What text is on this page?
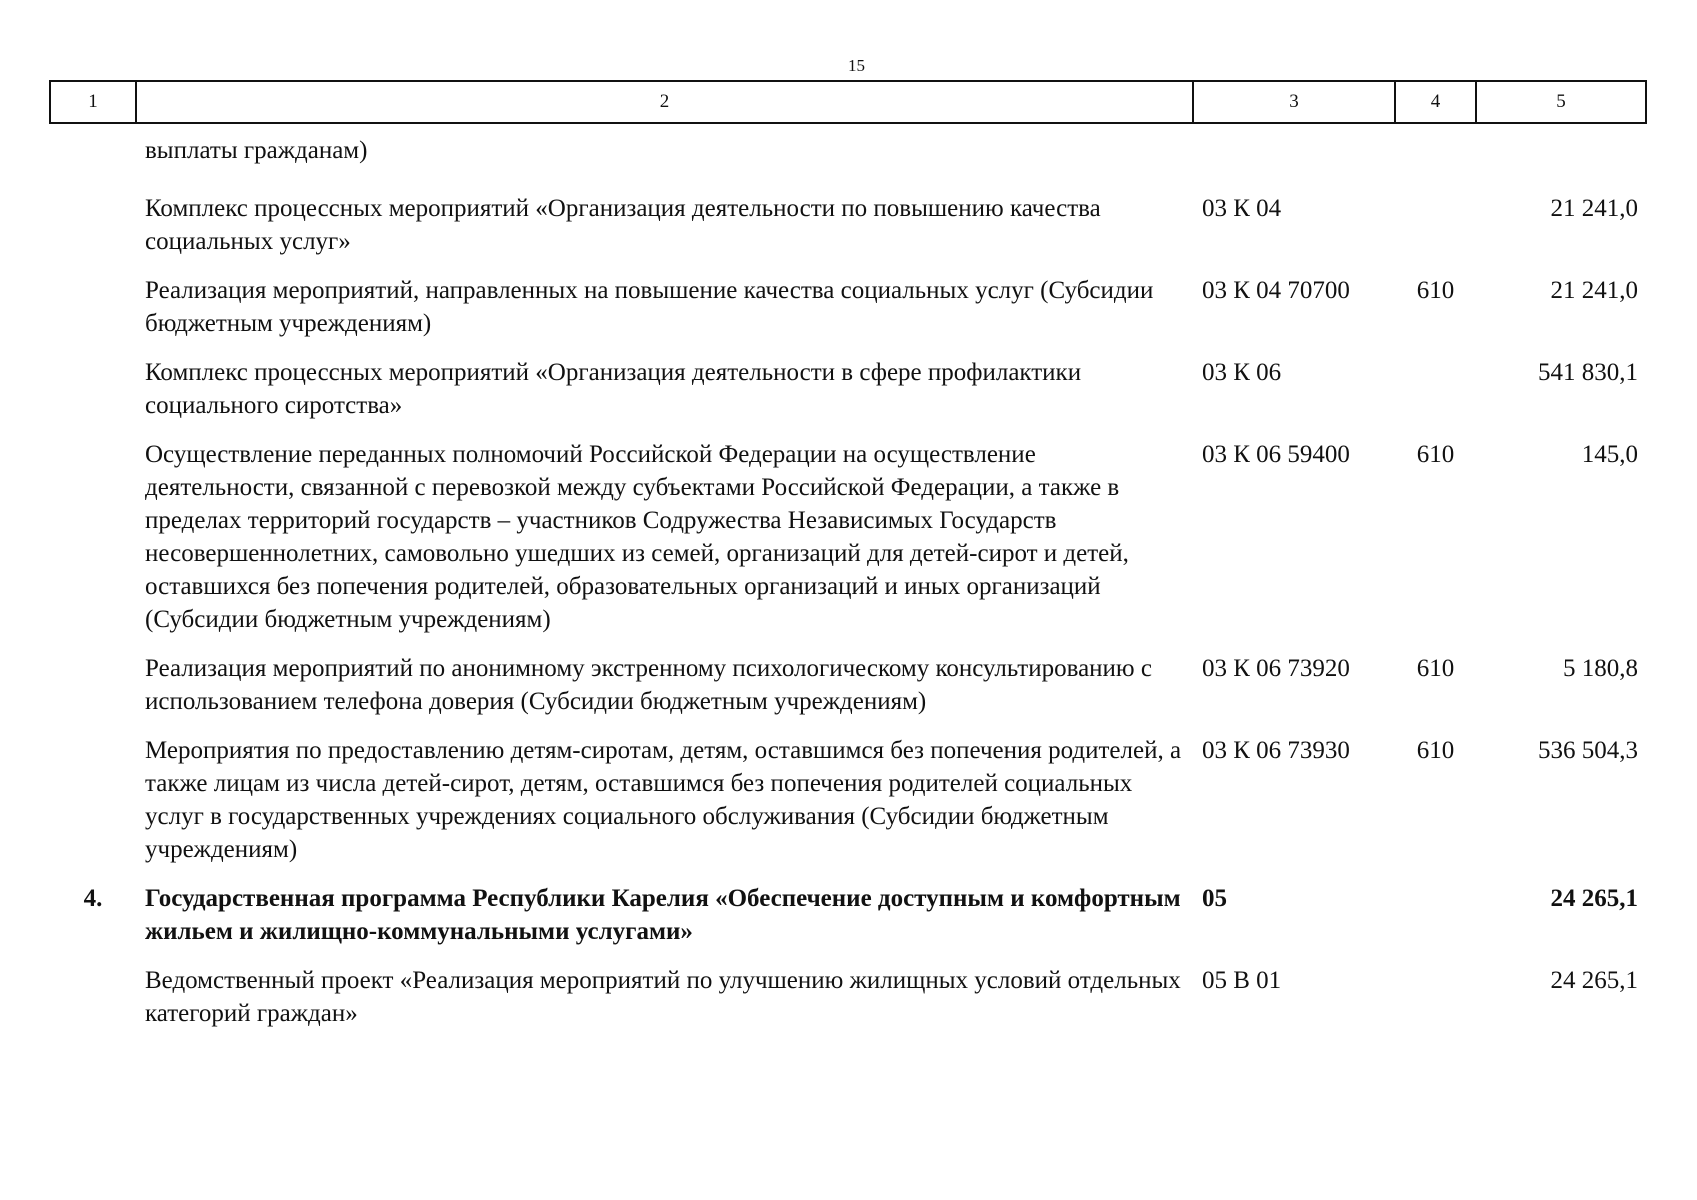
15
1	2	3	4	5
	выплаты гражданам)			
	Комплекс процессных мероприятий «Организация деятельности по повышению качества социальных услуг»	03 К 04		21 241,0
	Реализация мероприятий, направленных на повышение качества социальных услуг (Субсидии бюджетным учреждениям)	03 К 04 70700	610	21 241,0
	Комплекс процессных мероприятий «Организация деятельности в сфере профилактики социального сиротства»	03 К 06		541 830,1
	Осуществление переданных полномочий Российской Федерации на осуществление деятельности, связанной с перевозкой между субъектами Российской Федерации, а также в пределах территорий государств – участников Содружества Независимых Государств несовершеннолетних, самовольно ушедших из семей, организаций для детей-сирот и детей, оставшихся без попечения родителей, образовательных организаций и иных организаций (Субсидии бюджетным учреждениям)	03 К 06 59400	610	145,0
	Реализация мероприятий по анонимному экстренному психологическому консультированию с использованием телефона доверия (Субсидии бюджетным учреждениям)	03 К 06 73920	610	5 180,8
	Мероприятия по предоставлению детям-сиротам, детям, оставшимся без попечения родителей, а также лицам из числа детей-сирот, детям, оставшимся без попечения родителей социальных услуг в государственных учреждениях социального обслуживания (Субсидии бюджетным учреждениям)	03 К 06 73930	610	536 504,3
4.	Государственная программа Республики Карелия «Обеспечение доступным и комфортным жильем и жилищно-коммунальными услугами»	05		24 265,1
	Ведомственный проект «Реализация мероприятий по улучшению жилищных условий отдельных категорий граждан»	05 В 01		24 265,1
